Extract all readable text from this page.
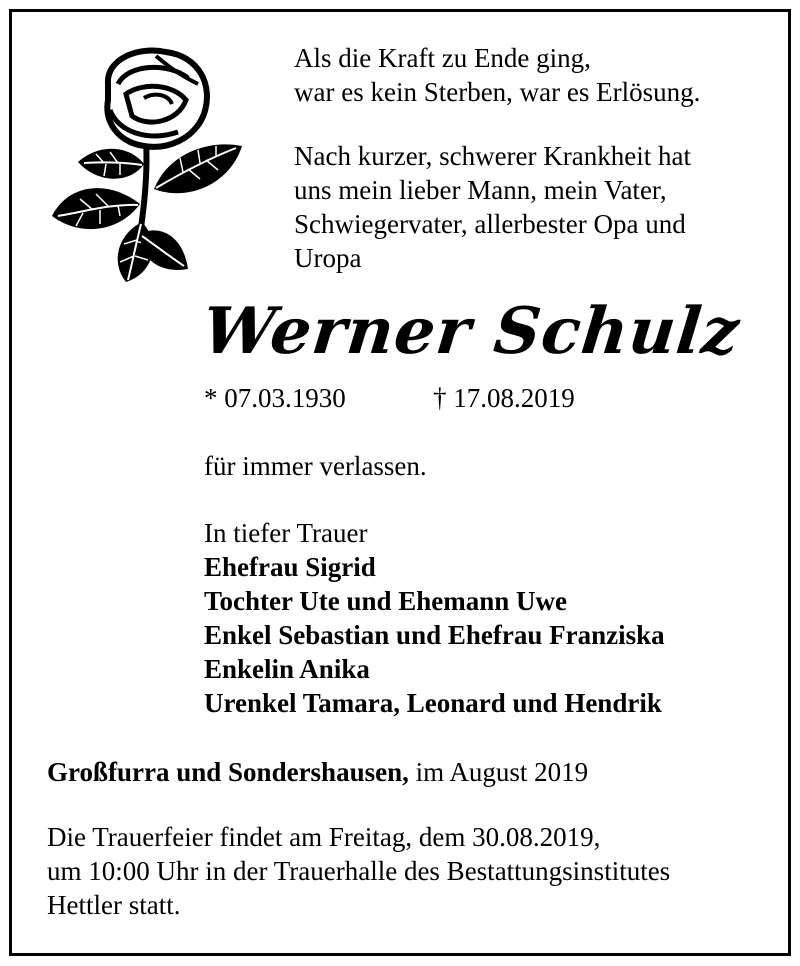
Als die Kraft zu Ende ging,
war es kein Sterben, war es Erlösung.
Nach kurzer, schwerer Krankheit hat
uns mein lieber Mann, mein Vater,
Schwiegervater, allerbester Opa und
Uropa
Werner Schulz
* 07.03.1930	† 17.08.2019
für immer verlassen.
In tiefer Trauer
Ehefrau Sigrid
Tochter Ute und Ehemann Uwe
Enkel Sebastian und Ehefrau Franziska
Enkelin Anika
Urenkel Tamara, Leonard und Hendrik
Großfurra und Sondershausen, im August 2019
Die Trauerfeier findet am Freitag, dem 30.08.2019,
um 10:00 Uhr in der Trauerhalle des Bestattungsinstitutes
Hettler statt.
